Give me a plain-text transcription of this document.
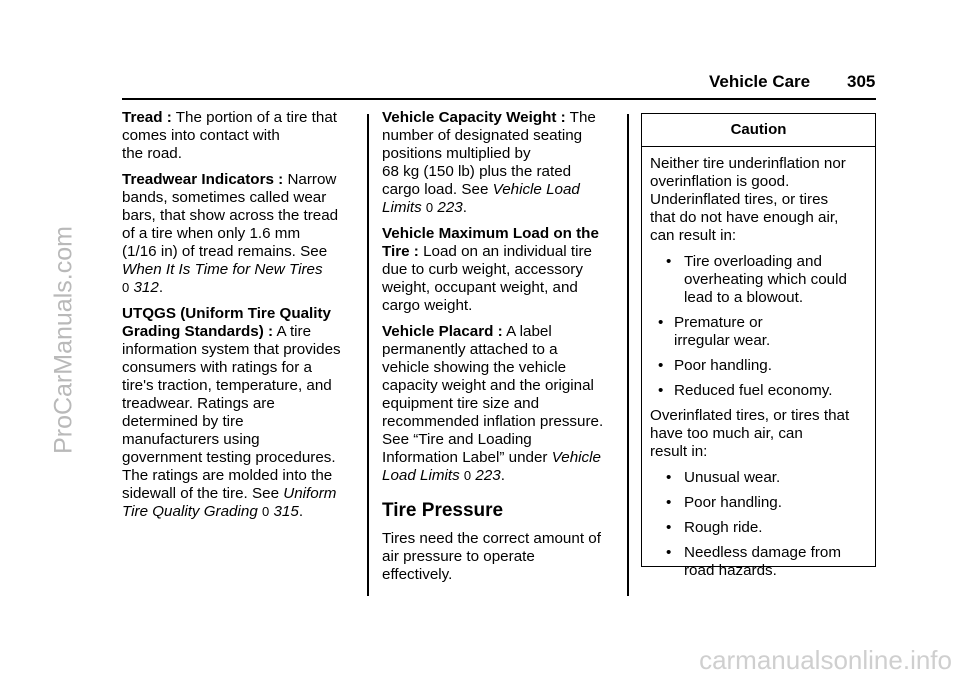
ProCarManuals.com
carmanualsonline.info
Vehicle Care 305

Tread : The portion of a tire that
comes into contact with
the road.

Treadwear Indicators : Narrow
bands, sometimes called wear
bars, that show across the tread
of a tire when only 1.6 mm
(1/16 in) of tread remains. See
When It Is Time for New Tires
0 312.

UTQGS (Uniform Tire Quality
Grading Standards) : A tire
information system that provides
consumers with ratings for a
tire's traction, temperature, and
treadwear. Ratings are
determined by tire
manufacturers using
government testing procedures.
The ratings are molded into the
sidewall of the tire. See Uniform
Tire Quality Grading 0 315.

Vehicle Capacity Weight : The
number of designated seating
positions multiplied by
68 kg (150 lb) plus the rated
cargo load. See Vehicle Load
Limits 0 223.

Vehicle Maximum Load on the
Tire : Load on an individual tire
due to curb weight, accessory
weight, occupant weight, and
cargo weight.

Vehicle Placard : A label
permanently attached to a
vehicle showing the vehicle
capacity weight and the original
equipment tire size and
recommended inflation pressure.
See “Tire and Loading
Information Label” under Vehicle
Load Limits 0 223.

Tire Pressure

Tires need the correct amount of
air pressure to operate
effectively.

Caution

Neither tire underinflation nor
overinflation is good.
Underinflated tires, or tires
that do not have enough air,
can result in:

• Tire overloading and
overheating which could
lead to a blowout.
• Premature or
irregular wear.
• Poor handling.
• Reduced fuel economy.

Overinflated tires, or tires that
have too much air, can
result in:

• Unusual wear.
• Poor handling.
• Rough ride.
• Needless damage from
road hazards.
